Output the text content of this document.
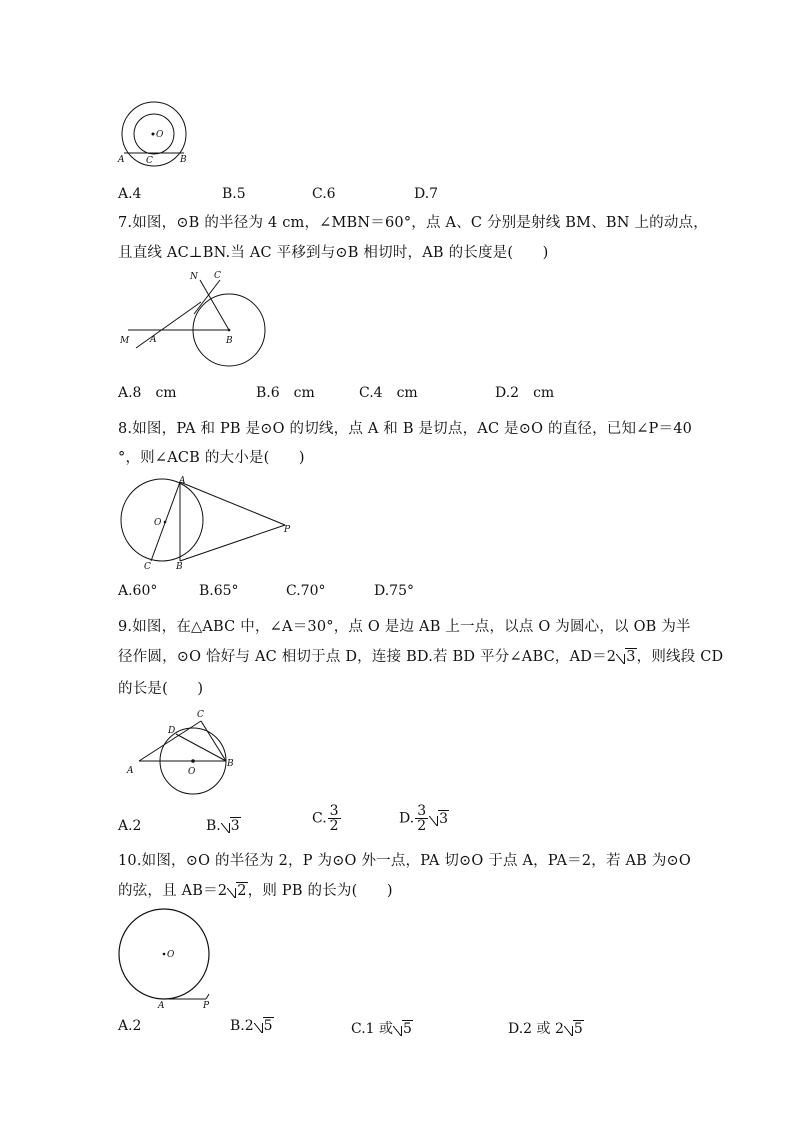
O
A C	B
A.4	B.5	C.6	D.7
7.如图，⊙B 的半径为 4 cm，∠MBN＝60°，点 A、C 分别是射线 BM、BN 上的动点，
且直线 AC⊥BN.当 AC 平移到与⊙B 相切时，AB 的长度是(　　)
N C
M A	B
A.8　cm	B.6　cm	C.4　cm	D.2　cm
8.如图，PA 和 PB 是⊙O 的切线，点 A 和 B 是切点，AC 是⊙O 的直径，已知∠P＝40
°，则∠ACB 的大小是(　　)
A
O
C	B
P
A.60°	B.65°	C.70°	D.75°
9.如图，在△ABC 中，∠A＝30°，点 O 是边 AB 上一点，以点 O 为圆心，以 OB 为半
径作圆，⊙O 恰好与 AC 相切于点 D，连接 BD.若 BD 平分∠ABC，AD＝2 3，则线段 CD
的长是(　　)
C
D
A	O
B
A.2	B. 3	C. $\frac{3}{2}$	D. $\frac{3}{2} 3$
10.如图，⊙O 的半径为 2，P 为⊙O 外一点，PA 切⊙O 于点 A，PA＝2，若 AB 为⊙O
的弦，且 AB＝2 2，则 PB 的长为(　　)
O
A	P
A.2	B.2 5	C.1 或 5	D.2 或 2 5
